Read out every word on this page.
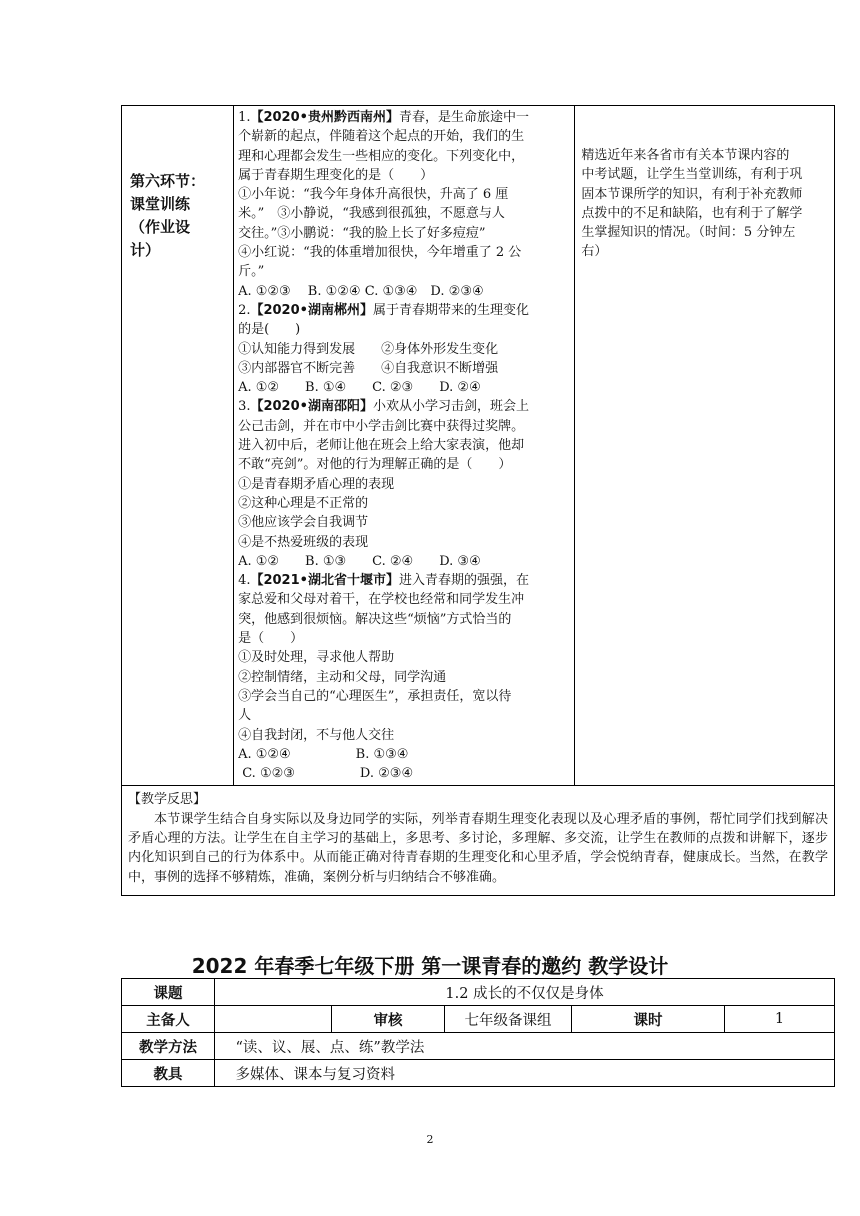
第六环节：
课堂训练
（作业设
计）

1.【2020•贵州黔西南州】青春，是生命旅途中一
个崭新的起点，伴随着这个起点的开始，我们的生
理和心理都会发生一些相应的变化。下列变化中，
属于青春期生理变化的是（　　）
①小年说：“我今年身体升高很快，升高了 6 厘
米。”　③小静说，“我感到很孤独，不愿意与人
交往。”③小鹏说：“我的脸上长了好多痘痘”
④小红说：“我的体重增加很快，今年增重了 2 公
斤。”
A. ①②③　 B. ①②④ C. ①③④　D. ②③④
2.【2020•湖南郴州】属于青春期带来的生理变化
的是(　　)
①认知能力得到发展　　②身体外形发生变化
③内部器官不断完善　　④自我意识不断增强
A. ①②　　B. ①④　　C. ②③　　D. ②④
3.【2020•湖南邵阳】小欢从小学习击剑，班会上
公己击剑，并在市中小学击剑比赛中获得过奖牌。
进入初中后，老师让他在班会上给大家表演，他却
不敢“亮剑”。对他的行为理解正确的是（　　）
①是青春期矛盾心理的表现
②这种心理是不正常的
③他应该学会自我调节
④是不热爱班级的表现
A. ①②　　B. ①③　　C. ②④　　D. ③④
4.【2021•湖北省十堰市】进入青春期的强强，在
家总爱和父母对着干，在学校也经常和同学发生冲
突，他感到很烦恼。解决这些“烦恼”方式恰当的
是（　　）
①及时处理，寻求他人帮助
②控制情绪，主动和父母，同学沟通
③学会当自己的“心理医生”，承担责任，宽以待
人
④自我封闭，不与他人交往
A. ①②④　　　　　B. ①③④
C. ①②③　　　　　D. ②③④

精选近年来各省市有关本节课内容的
中考试题，让学生当堂训练，有利于巩
固本节课所学的知识，有利于补充教师
点拨中的不足和缺陷，也有利于了解学
生掌握知识的情况。（时间：5 分钟左
右）

【教学反思】
本节课学生结合自身实际以及身边同学的实际，列举青春期生理变化表现以及心理矛盾的事例，帮忙同学们找到解决矛盾心理的方法。让学生在自主学习的基础上，多思考、多讨论，多理解、多交流，让学生在教师的点拨和讲解下，逐步内化知识到自己的行为体系中。从而能正确对待青春期的生理变化和心里矛盾，学会悦纳青春，健康成长。当然，在教学中，事例的选择不够精炼，准确，案例分析与归纳结合不够准确。
2022 年春季七年级下册 第一课青春的邀约 教学设计
课题	1.2 成长的不仅仅是身体				
主备人		审核	七年级备课组	课时	1
教学方法	　“读、议、展、点、练”教学法				
教具	　多媒体、课本与复习资料				
2
